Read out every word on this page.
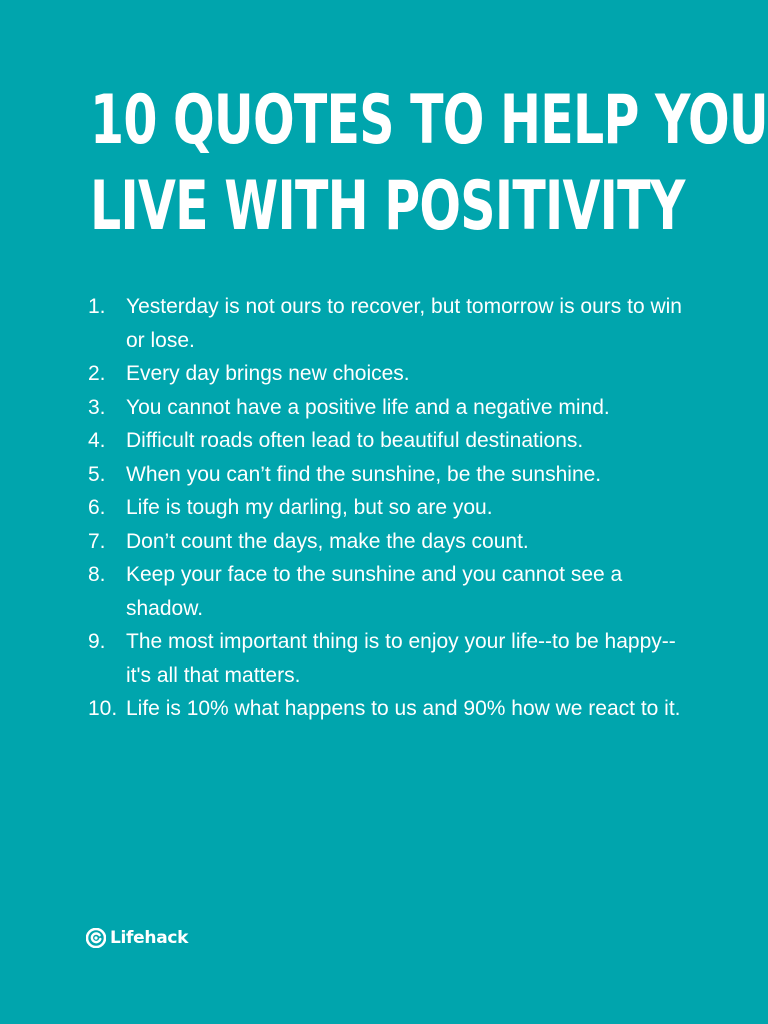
10 QUOTES TO HELP YOU
LIVE WITH POSITIVITY
1. Yesterday is not ours to recover, but tomorrow is ours to win or lose.
2. Every day brings new choices.
3. You cannot have a positive life and a negative mind.
4. Difficult roads often lead to beautiful destinations.
5. When you can’t find the sunshine, be the sunshine.
6. Life is tough my darling, but so are you.
7. Don’t count the days, make the days count.
8. Keep your face to the sunshine and you cannot see a shadow.
9. The most important thing is to enjoy your life--to be happy--it's all that matters.
10. Life is 10% what happens to us and 90% how we react to it.
Lifehack
